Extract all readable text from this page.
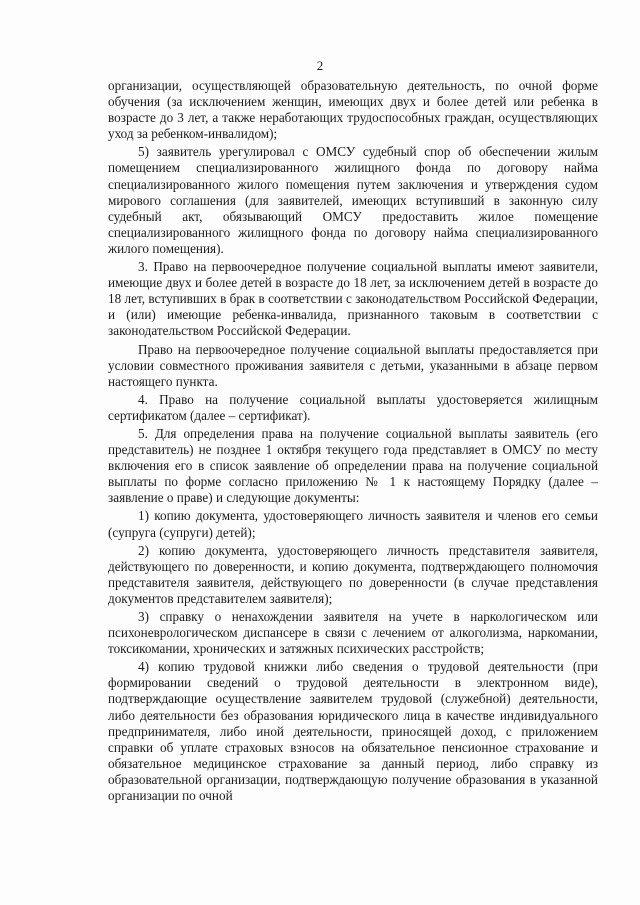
2

организации, осуществляющей образовательную деятельность, по очной форме обучения (за исключением женщин, имеющих двух и более детей или ребенка в возрасте до 3 лет, а также неработающих трудоспособных граждан, осуществляющих уход за ребенком-инвалидом);

5) заявитель урегулировал с ОМСУ судебный спор об обеспечении жилым помещением специализированного жилищного фонда по договору найма специализированного жилого помещения путем заключения и утверждения судом мирового соглашения (для заявителей, имеющих вступивший в законную силу судебный акт, обязывающий ОМСУ предоставить жилое помещение специализированного жилищного фонда по договору найма специализированного жилого помещения).

3. Право на первоочередное получение социальной выплаты имеют заявители, имеющие двух и более детей в возрасте до 18 лет, за исключением детей в возрасте до 18 лет, вступивших в брак в соответствии с законодательством Российской Федерации, и (или) имеющие ребенка-инвалида, признанного таковым в соответствии с законодательством Российской Федерации.

Право на первоочередное получение социальной выплаты предоставляется при условии совместного проживания заявителя с детьми, указанными в абзаце первом настоящего пункта.

4. Право на получение социальной выплаты удостоверяется жилищным сертификатом (далее – сертификат).

5. Для определения права на получение социальной выплаты заявитель (его представитель) не позднее 1 октября текущего года представляет в ОМСУ по месту включения его в список заявление об определении права на получение социальной выплаты по форме согласно приложению № 1 к настоящему Порядку (далее – заявление о праве) и следующие документы:

1) копию документа, удостоверяющего личность заявителя и членов его семьи (супруга (супруги) детей);

2) копию документа, удостоверяющего личность представителя заявителя, действующего по доверенности, и копию документа, подтверждающего полномочия представителя заявителя, действующего по доверенности (в случае представления документов представителем заявителя);

3) справку о ненахождении заявителя на учете в наркологическом или психоневрологическом диспансере в связи с лечением от алкоголизма, наркомании, токсикомании, хронических и затяжных психических расстройств;

4) копию трудовой книжки либо сведения о трудовой деятельности (при формировании сведений о трудовой деятельности в электронном виде), подтверждающие осуществление заявителем трудовой (служебной) деятельности, либо деятельности без образования юридического лица в качестве индивидуального предпринимателя, либо иной деятельности, приносящей доход, с приложением справки об уплате страховых взносов на обязательное пенсионное страхование и обязательное медицинское страхование за данный период, либо справку из образовательной организации, подтверждающую получение образования в указанной организации по очной
